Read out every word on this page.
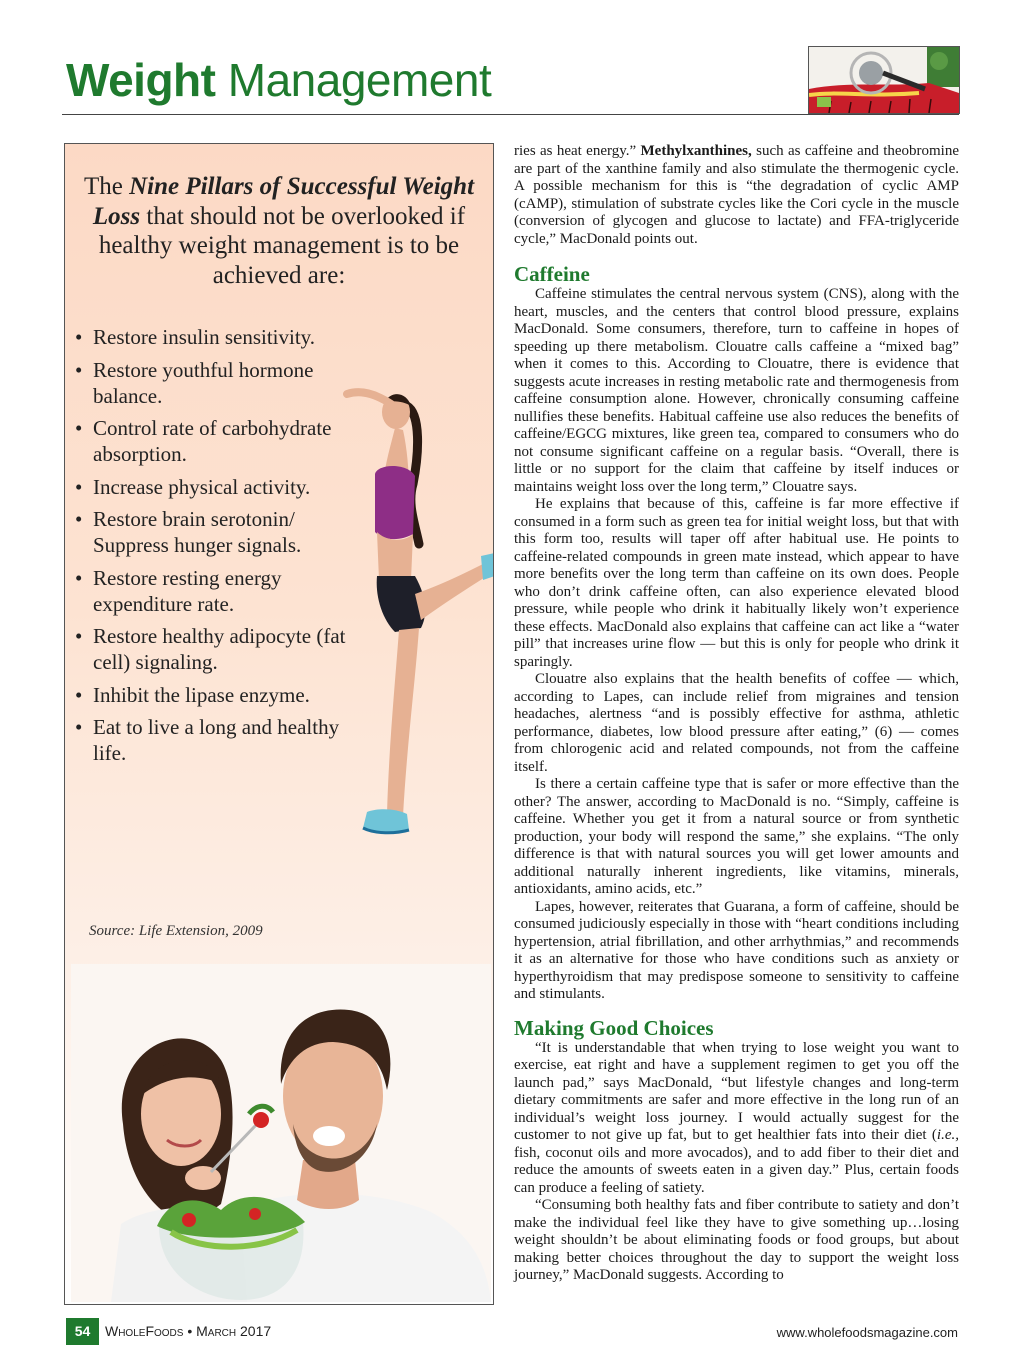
Weight Management
The Nine Pillars of Successful Weight Loss that should not be overlooked if healthy weight management is to be achieved are:
• Restore insulin sensitivity.
• Restore youthful hormone balance.
• Control rate of carbohydrate absorption.
• Increase physical activity.
• Restore brain serotonin/ Suppress hunger signals.
• Restore resting energy expenditure rate.
• Restore healthy adipocyte (fat cell) signaling.
• Inhibit the lipase enzyme.
• Eat to live a long and healthy life.
Source: Life Extension, 2009

ries as heat energy.” Methylxanthines, such as caffeine and theobromine are part of the xanthine family and also stimulate the thermogenic cycle. A possible mechanism for this is “the degradation of cyclic AMP (cAMP), stimulation of substrate cycles like the Cori cycle in the muscle (conversion of glycogen and glucose to lactate) and FFA-triglyceride cycle,” MacDonald points out.

Caffeine

Caffeine stimulates the central nervous system (CNS), along with the heart, muscles, and the centers that control blood pressure, explains MacDonald. Some consumers, therefore, turn to caffeine in hopes of speeding up there metabolism. Clouatre calls caffeine a “mixed bag” when it comes to this. According to Clouatre, there is evidence that suggests acute increases in resting metabolic rate and thermogenesis from caffeine consumption alone. However, chronically consuming caffeine nullifies these benefits. Habitual caffeine use also reduces the benefits of caffeine/EGCG mixtures, like green tea, compared to consumers who do not consume significant caffeine on a regular basis. “Overall, there is little or no support for the claim that caffeine by itself induces or maintains weight loss over the long term,” Clouatre says.

He explains that because of this, caffeine is far more effective if consumed in a form such as green tea for initial weight loss, but that with this form too, results will taper off after habitual use. He points to caffeine-related compounds in green mate instead, which appear to have more benefits over the long term than caffeine on its own does. People who don’t drink caffeine often, can also experience elevated blood pressure, while people who drink it habitually likely won’t experience these effects. MacDonald also explains that caffeine can act like a “water pill” that increases urine flow — but this is only for people who drink it sparingly.

Clouatre also explains that the health benefits of coffee — which, according to Lapes, can include relief from migraines and tension headaches, alertness “and is possibly effective for asthma, athletic performance, diabetes, low blood pressure after eating,” (6) — comes from chlorogenic acid and related compounds, not from the caffeine itself.

Is there a certain caffeine type that is safer or more effective than the other? The answer, according to MacDonald is no. “Simply, caffeine is caffeine. Whether you get it from a natural source or from synthetic production, your body will respond the same,” she explains. “The only difference is that with natural sources you will get lower amounts and additional naturally inherent ingredients, like vitamins, minerals, antioxidants, amino acids, etc.”

Lapes, however, reiterates that Guarana, a form of caffeine, should be consumed judiciously especially in those with “heart conditions including hypertension, atrial fibrillation, and other arrhythmias,” and recommends it as an alternative for those who have conditions such as anxiety or hyperthyroidism that may predispose someone to sensitivity to caffeine and stimulants.

Making Good Choices

“It is understandable that when trying to lose weight you want to exercise, eat right and have a supplement regimen to get you off the launch pad,” says MacDonald, “but lifestyle changes and long-term dietary commitments are safer and more effective in the long run of an individual’s weight loss journey. I would actually suggest for the customer to not give up fat, but to get healthier fats into their diet (i.e., fish, coconut oils and more avocados), and to add fiber to their diet and reduce the amounts of sweets eaten in a given day.” Plus, certain foods can produce a feeling of satiety.

“Consuming both healthy fats and fiber contribute to satiety and don’t make the individual feel like they have to give something up…losing weight shouldn’t be about eliminating foods or food groups, but about making better choices throughout the day to support the weight loss journey,” MacDonald suggests. According to

54	WholeFoods • March 2017	www.wholefoodsmagazine.com
